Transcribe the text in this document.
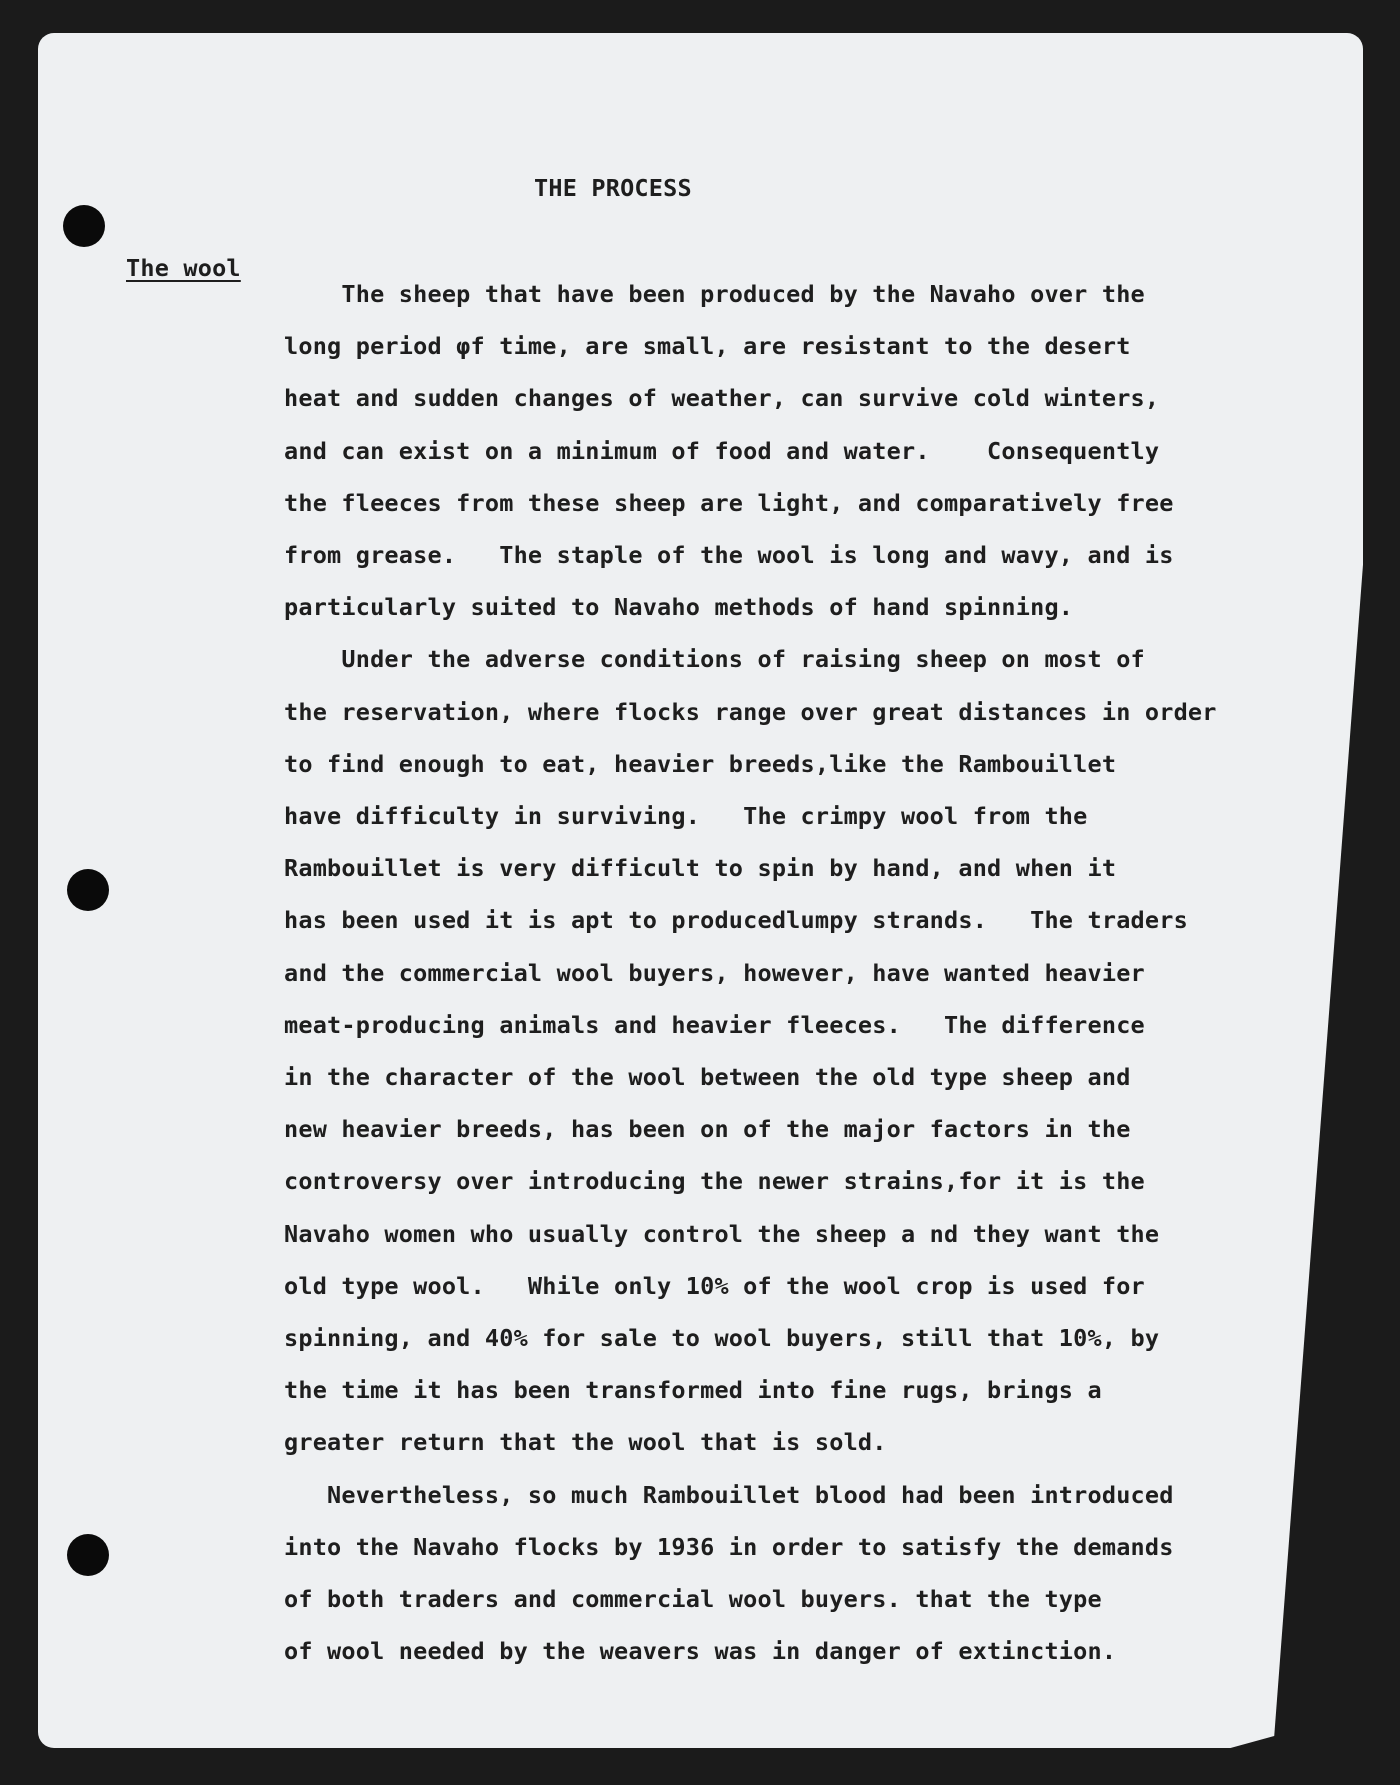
THE PROCESS
The wool
The sheep that have been produced by the Navaho over the
long period φf time, are small, are resistant to the desert
heat and sudden changes of weather, can survive cold winters,
and can exist on a minimum of food and water.    Consequently
the fleeces from these sheep are light, and comparatively free
from grease.   The staple of the wool is long and wavy, and is
particularly suited to Navaho methods of hand spinning.
Under the adverse conditions of raising sheep on most of
the reservation, where flocks range over great distances in order
to find enough to eat, heavier breeds,like the Rambouillet
have difficulty in surviving.   The crimpy wool from the
Rambouillet is very difficult to spin by hand, and when it
has been used it is apt to producedlumpy strands.   The traders
and the commercial wool buyers, however, have wanted heavier
meat-producing animals and heavier fleeces.   The difference
in the character of the wool between the old type sheep and
new heavier breeds, has been on of the major factors in the
controversy over introducing the newer strains,for it is the
Navaho women who usually control the sheep a nd they want the
old type wool.   While only 10% of the wool crop is used for
spinning, and 40% for sale to wool buyers, still that 10%, by
the time it has been transformed into fine rugs, brings a
greater return that the wool that is sold.
Nevertheless, so much Rambouillet blood had been introduced
into the Navaho flocks by 1936 in order to satisfy the demands
of both traders and commercial wool buyers. that the type
of wool needed by the weavers was in danger of extinction.
